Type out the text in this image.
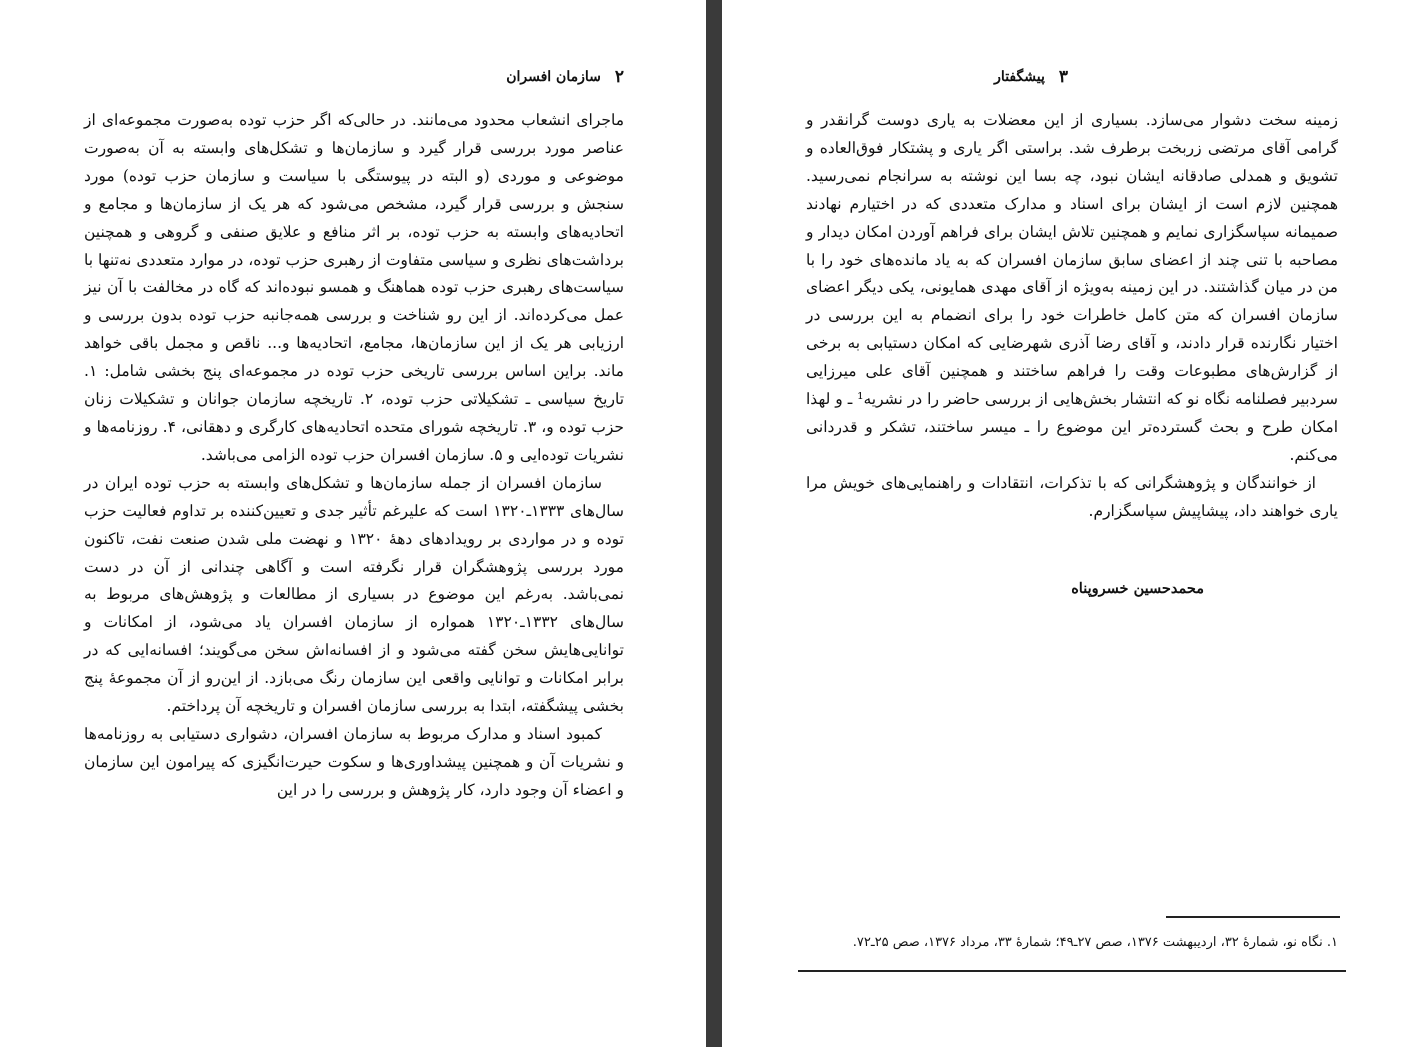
۲
سازمان افسران

ماجرای انشعاب محدود می‌مانند. در حالی‌که اگر حزب توده به‌صورت مجموعه‌ای از عناصر مورد بررسی قرار گیرد و سازمان‌ها و تشکل‌های وابسته به آن به‌صورت موضوعی و موردی (و البته در پیوستگی با سیاست و سازمان حزب توده) مورد سنجش و بررسی قرار گیرد، مشخص می‌شود که هر یک از سازمان‌ها و مجامع و اتحادیه‌های وابسته به حزب توده، بر اثر منافع و علایق صنفی و گروهی و همچنین برداشت‌های نظری و سیاسی متفاوت از رهبری حزب توده، در موارد متعددی نه‌تنها با سیاست‌های رهبری حزب توده هماهنگ و همسو نبوده‌اند که گاه در مخالفت با آن نیز عمل می‌کرده‌اند. از این رو شناخت و بررسی همه‌جانبه حزب توده بدون بررسی و ارزیابی هر یک از این سازمان‌ها، مجامع، اتحادیه‌ها و... ناقص و مجمل باقی خواهد ماند. براین اساس بررسی تاریخی حزب توده در مجموعه‌ای پنج بخشی شامل: ۱. تاریخ سیاسی ـ تشکیلاتی حزب توده، ۲. تاریخچه سازمان جوانان و تشکیلات زنان حزب توده و، ۳. تاریخچه شورای متحده اتحادیه‌های کارگری و دهقانی، ۴. روزنامه‌ها و نشریات توده‌ایی و ۵. سازمان افسران حزب توده الزامی می‌باشد.

سازمان افسران از جمله سازمان‌ها و تشکل‌های وابسته به حزب توده ایران در سال‌های ۱۳۳۳ـ۱۳۲۰ است که علیرغم تأثیر جدی و تعیین‌کننده بر تداوم فعالیت حزب توده و در مواردی بر رویدادهای دههٔ ۱۳۲۰ و نهضت ملی شدن صنعت نفت، تاکنون مورد بررسی پژوهشگران قرار نگرفته است و آگاهی چندانی از آن در دست نمی‌باشد. به‌رغم این موضوع در بسیاری از مطالعات و پژوهش‌های مربوط به سال‌های ۱۳۳۲ـ۱۳۲۰ همواره از سازمان افسران یاد می‌شود، از امکانات و توانایی‌هایش سخن گفته می‌شود و از افسانه‌اش سخن می‌گویند؛ افسانه‌ایی که در برابر امکانات و توانایی واقعی این سازمان رنگ می‌بازد. از این‌رو از آن مجموعهٔ پنج بخشی پیشگفته، ابتدا به بررسی سازمان افسران و تاریخچه آن پرداختم.

کمبود اسناد و مدارک مربوط به سازمان افسران، دشواری دستیابی به روزنامه‌ها و نشریات آن و همچنین پیشداوری‌ها و سکوت حیرت‌انگیزی که پیرامون این سازمان و اعضاء آن وجود دارد، کار پژوهش و بررسی را در این

۳
پیشگفتار

زمینه سخت دشوار می‌سازد. بسیاری از این معضلات به یاری دوست گرانقدر و گرامی آقای مرتضی زربخت برطرف شد. براستی اگر یاری و پشتکار فوق‌العاده و تشویق و همدلی صادقانه ایشان نبود، چه بسا این نوشته به سرانجام نمی‌رسید. همچنین لازم است از ایشان برای اسناد و مدارک متعددی که در اختیارم نهادند صمیمانه سپاسگزاری نمایم و همچنین تلاش ایشان برای فراهم آوردن امکان دیدار و مصاحبه با تنی چند از اعضای سابق سازمان افسران که به یاد مانده‌های خود را با من در میان گذاشتند. در این زمینه به‌ویژه از آقای مهدی همایونی، یکی دیگر اعضای سازمان افسران که متن کامل خاطرات خود را برای انضمام به این بررسی در اختیار نگارنده قرار دادند، و آقای رضا آذری شهرضایی که امکان دستیابی به برخی از گزارش‌های مطبوعات وقت را فراهم ساختند و همچنین آقای علی میرزایی سردبیر فصلنامه نگاه نو که انتشار بخش‌هایی از بررسی حاضر را در نشریه¹ ـ و لهذا امکان طرح و بحث گسترده‌تر این موضوع را ـ میسر ساختند، تشکر و قدردانی می‌کنم.

از خوانندگان و پژوهشگرانی که با تذکرات، انتقادات و راهنمایی‌های خویش مرا یاری خواهند داد، پیشاپیش سپاسگزارم.

محمدحسین خسروپناه
۱. نگاه نو، شمارهٔ ۳۲، اردیبهشت ۱۳۷۶، صص ۲۷ـ۴۹؛ شمارهٔ ۳۳، مرداد ۱۳۷۶، صص ۲۵ـ۷۲.
